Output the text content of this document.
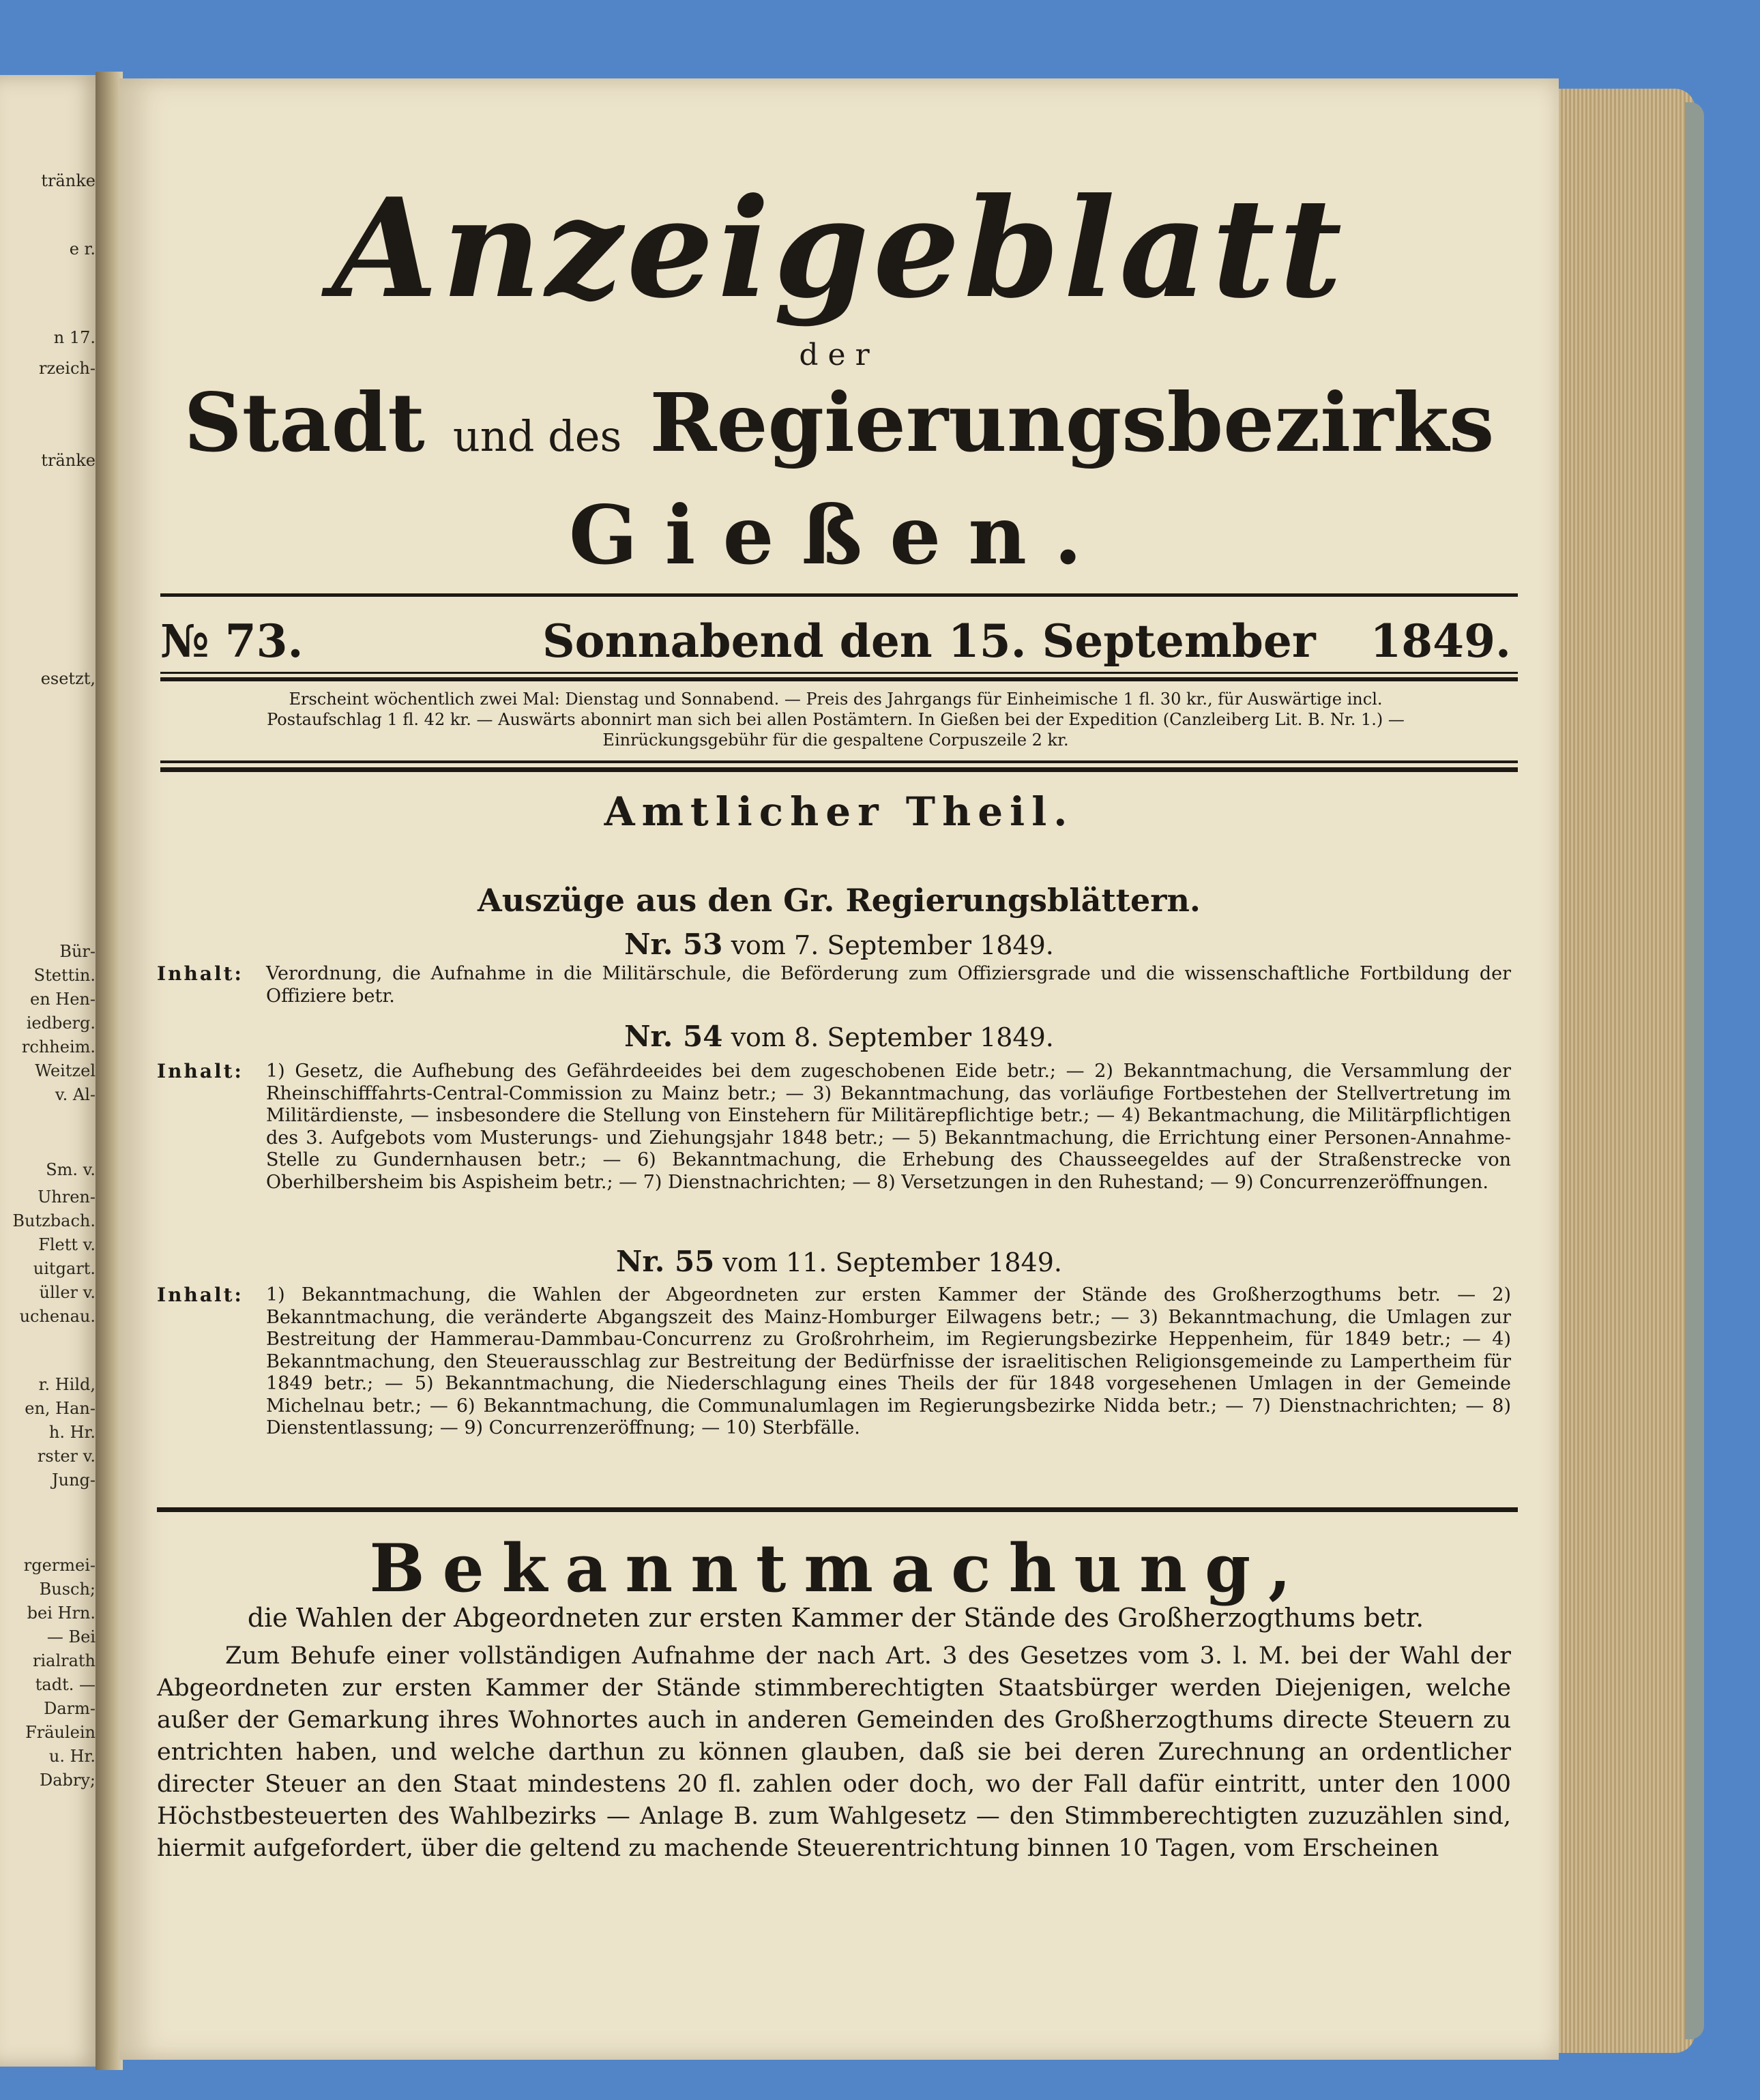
tränke
e r.
n 17.
rzeich-
tränke
esetzt,
Bür-
Stettin.
en Hen-
iedberg.
rchheim.
Weitzel
v. Al-
Sm. v.
Uhren-
Butzbach.
Flett v.
uitgart.
üller v.
uchenau.
r. Hild,
en, Han-
h. Hr.
rster v.
Jung-
rgermei-
Busch;
bei Hrn.
— Bei
rialrath
tadt. —
Darm-
Fräulein
u. Hr.
Dabry;
Anzeigeblatt
der
Stadt und des Regierungsbezirks
Gießen.
№ 73.	Sonnabend den 15. September 1849.
Erscheint wöchentlich zwei Mal: Dienstag und Sonnabend. — Preis des Jahrgangs für Einheimische 1 fl. 30 kr., für Auswärtige incl.
Postaufschlag 1 fl. 42 kr. — Auswärts abonnirt man sich bei allen Postämtern. In Gießen bei der Expedition (Canzleiberg Lit. B. Nr. 1.) —
Einrückungsgebühr für die gespaltene Corpuszeile 2 kr.
Amtlicher Theil.
Auszüge aus den Gr. Regierungsblättern.
Nr. 53 vom 7. September 1849.
Inhalt:	Verordnung, die Aufnahme in die Militärschule, die Beförderung zum Offiziersgrade und die wissenschaftliche Fortbildung der Offiziere betr.
Nr. 54 vom 8. September 1849.
Inhalt:	1) Gesetz, die Aufhebung des Gefährdeeides bei dem zugeschobenen Eide betr.; — 2) Bekanntmachung, die Versammlung der Rheinschifffahrts-Central-Commission zu Mainz betr.; — 3) Bekanntmachung, das vorläufige Fortbestehen der Stellvertretung im Militärdienste, — insbesondere die Stellung von Einstehern für Militärepflichtige betr.; — 4) Bekantmachung, die Militärpflichtigen des 3. Aufgebots vom Musterungs- und Ziehungsjahr 1848 betr.; — 5) Bekanntmachung, die Errichtung einer Personen-Annahme-Stelle zu Gundernhausen betr.; — 6) Bekanntmachung, die Erhebung des Chausseegeldes auf der Straßenstrecke von Oberhilbersheim bis Aspisheim betr.; — 7) Dienstnachrichten; — 8) Versetzungen in den Ruhestand; — 9) Concurrenzeröffnungen.
Nr. 55 vom 11. September 1849.
Inhalt:	1) Bekanntmachung, die Wahlen der Abgeordneten zur ersten Kammer der Stände des Großherzogthums betr. — 2) Bekanntmachung, die veränderte Abgangszeit des Mainz-Homburger Eilwagens betr.; — 3) Bekanntmachung, die Umlagen zur Bestreitung der Hammerau-Dammbau-Concurrenz zu Großrohrheim, im Regierungsbezirke Heppenheim, für 1849 betr.; — 4) Bekanntmachung, den Steuerausschlag zur Bestreitung der Bedürfnisse der israelitischen Religionsgemeinde zu Lampertheim für 1849 betr.; — 5) Bekanntmachung, die Niederschlagung eines Theils der für 1848 vorgesehenen Umlagen in der Gemeinde Michelnau betr.; — 6) Bekanntmachung, die Communalumlagen im Regierungsbezirke Nidda betr.; — 7) Dienstnachrichten; — 8) Dienstentlassung; — 9) Concurrenzeröffnung; — 10) Sterbfälle.
Bekanntmachung,
die Wahlen der Abgeordneten zur ersten Kammer der Stände des Großherzogthums betr.
Zum Behufe einer vollständigen Aufnahme der nach Art. 3 des Gesetzes vom 3. l. M. bei der Wahl der Abgeordneten zur ersten Kammer der Stände stimmberechtigten Staatsbürger werden Diejenigen, welche außer der Gemarkung ihres Wohnortes auch in anderen Gemeinden des Großherzogthums directe Steuern zu entrichten haben, und welche darthun zu können glauben, daß sie bei deren Zurechnung an ordentlicher directer Steuer an den Staat mindestens 20 fl. zahlen oder doch, wo der Fall dafür eintritt, unter den 1000 Höchstbesteuerten des Wahlbezirks — Anlage B. zum Wahlgesetz — den Stimmberechtigten zuzuzählen sind, hiermit aufgefordert, über die geltend zu machende Steuerentrichtung binnen 10 Tagen, vom Erscheinen
